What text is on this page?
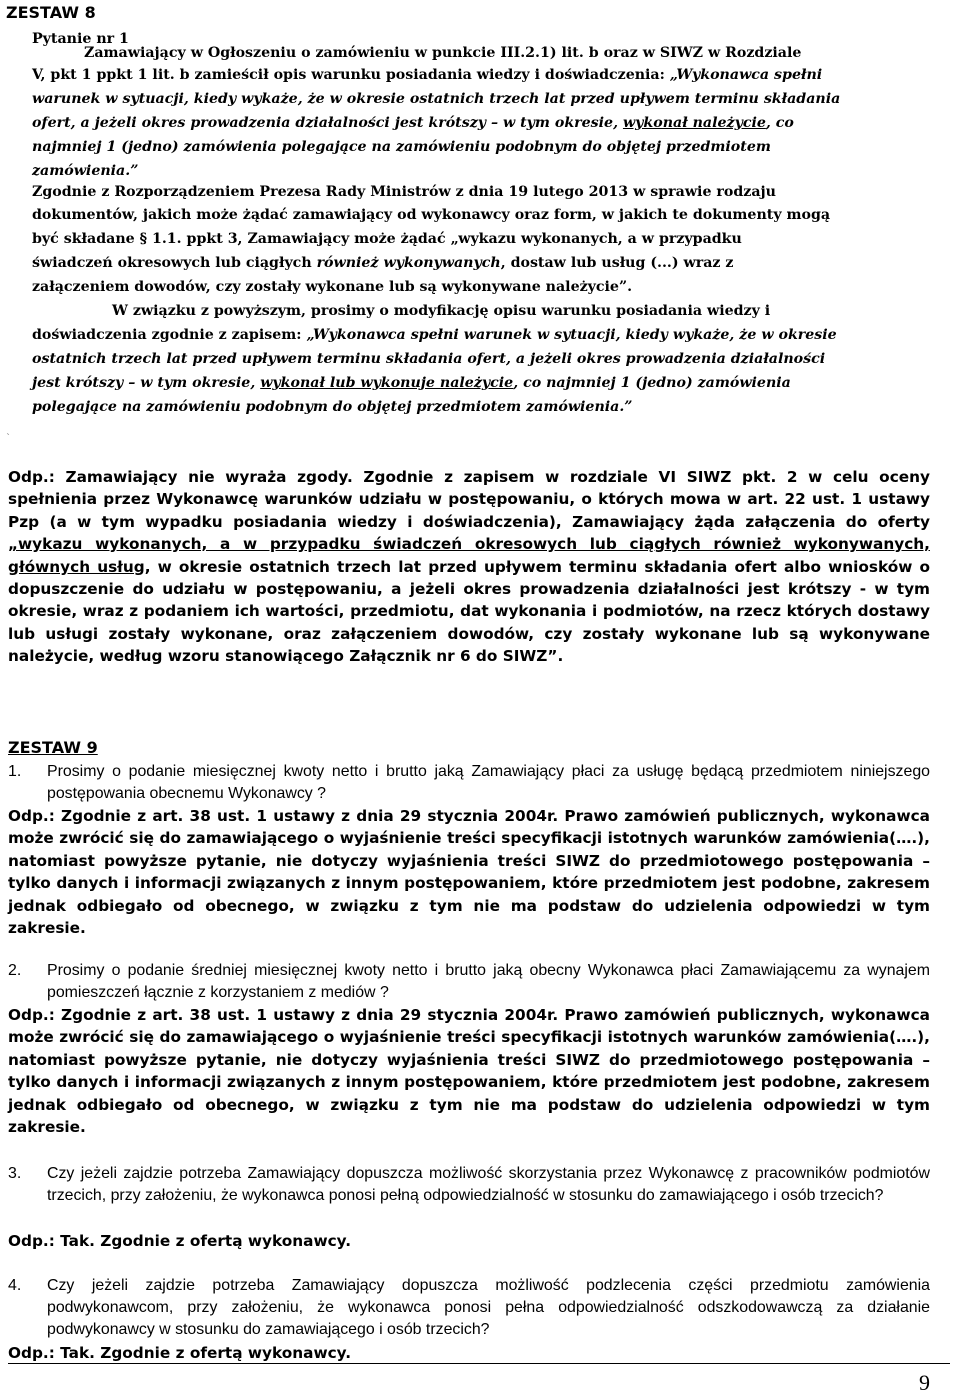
ZESTAW 8
Pytanie nr 1
Zamawiający w Ogłoszeniu o zamówieniu w punkcie III.2.1) lit. b oraz w SIWZ w Rozdziale
V, pkt 1 ppkt 1 lit. b zamieścił opis warunku posiadania wiedzy i doświadczenia: „Wykonawca spełni
warunek w sytuacji, kiedy wykaże, że w okresie ostatnich trzech lat przed upływem terminu składania
ofert, a jeżeli okres prowadzenia działalności jest krótszy – w tym okresie, wykonał należycie, co
najmniej 1 (jedno) zamówienia polegające na zamówieniu podobnym do objętej przedmiotem
zamówienia.”
Zgodnie z Rozporządzeniem Prezesa Rady Ministrów z dnia 19 lutego 2013 w sprawie rodzaju
dokumentów, jakich może żądać zamawiający od wykonawcy oraz form, w jakich te dokumenty mogą
być składane § 1.1. ppkt 3, Zamawiający może żądać „wykazu wykonanych, a w przypadku
świadczeń okresowych lub ciągłych również wykonywanych, dostaw lub usług (...) wraz z
załączeniem dowodów, czy zostały wykonane lub są wykonywane należycie”.
W związku z powyższym, prosimy o modyfikację opisu warunku posiadania wiedzy i
doświadczenia zgodnie z zapisem: „Wykonawca spełni warunek w sytuacji, kiedy wykaże, że w okresie
ostatnich trzech lat przed upływem terminu składania ofert, a jeżeli okres prowadzenia działalności
jest krótszy – w tym okresie, wykonał lub wykonuje należycie, co najmniej 1 (jedno) zamówienia
polegające na zamówieniu podobnym do objętej przedmiotem zamówienia.”
`

Odp.: Zamawiający nie wyraża zgody. Zgodnie z zapisem w rozdziale VI SIWZ pkt. 2 w celu oceny spełnienia przez Wykonawcę warunków udziału w postępowaniu, o których mowa w art. 22 ust. 1 ustawy Pzp (a w tym wypadku posiadania wiedzy i doświadczenia), Zamawiający żąda załączenia do oferty „wykazu wykonanych, a w przypadku świadczeń okresowych lub ciągłych również wykonywanych, głównych usług, w okresie ostatnich trzech lat przed upływem terminu składania ofert albo wniosków o dopuszczenie do udziału w postępowaniu, a jeżeli okres prowadzenia działalności jest krótszy - w tym okresie, wraz z podaniem ich wartości, przedmiotu, dat wykonania i podmiotów, na rzecz których dostawy lub usługi zostały wykonane, oraz załączeniem dowodów, czy zostały wykonane lub są wykonywane należycie, według wzoru stanowiącego Załącznik nr 6 do SIWZ”.

ZESTAW 9
1. Prosimy o podanie miesięcznej kwoty netto i brutto jaką Zamawiający płaci za usługę będącą przedmiotem niniejszego postępowania obecnemu Wykonawcy ?

Odp.: Zgodnie z art. 38 ust. 1 ustawy z dnia 29 stycznia 2004r. Prawo zamówień publicznych, wykonawca może zwrócić się do zamawiającego o wyjaśnienie treści specyfikacji istotnych warunków zamówienia(….), natomiast powyższe pytanie, nie dotyczy wyjaśnienia treści SIWZ do przedmiotowego postępowania – tylko danych i informacji związanych z innym postępowaniem, które przedmiotem jest podobne, zakresem jednak odbiegało od obecnego, w związku z tym nie ma podstaw do udzielenia odpowiedzi w tym zakresie.

2. Prosimy o podanie średniej miesięcznej kwoty netto i brutto jaką obecny Wykonawca płaci Zamawiającemu za wynajem pomieszczeń łącznie z korzystaniem z mediów ?

Odp.: Zgodnie z art. 38 ust. 1 ustawy z dnia 29 stycznia 2004r. Prawo zamówień publicznych, wykonawca może zwrócić się do zamawiającego o wyjaśnienie treści specyfikacji istotnych warunków zamówienia(….), natomiast powyższe pytanie, nie dotyczy wyjaśnienia treści SIWZ do przedmiotowego postępowania – tylko danych i informacji związanych z innym postępowaniem, które przedmiotem jest podobne, zakresem jednak odbiegało od obecnego, w związku z tym nie ma podstaw do udzielenia odpowiedzi w tym zakresie.

3. Czy jeżeli zajdzie potrzeba Zamawiający dopuszcza możliwość skorzystania przez Wykonawcę z pracowników podmiotów trzecich, przy założeniu, że wykonawca ponosi pełną odpowiedzialność w stosunku do zamawiającego i osób trzecich?

Odp.: Tak. Zgodnie z ofertą wykonawcy.

4. Czy jeżeli zajdzie potrzeba Zamawiający dopuszcza możliwość podzlecenia części przedmiotu zamówienia podwykonawcom, przy założeniu, że wykonawca ponosi pełna odpowiedzialność odszkodowawczą za działanie podwykonawcy w stosunku do zamawiającego i osób trzecich?

Odp.: Tak. Zgodnie z ofertą wykonawcy.

9
